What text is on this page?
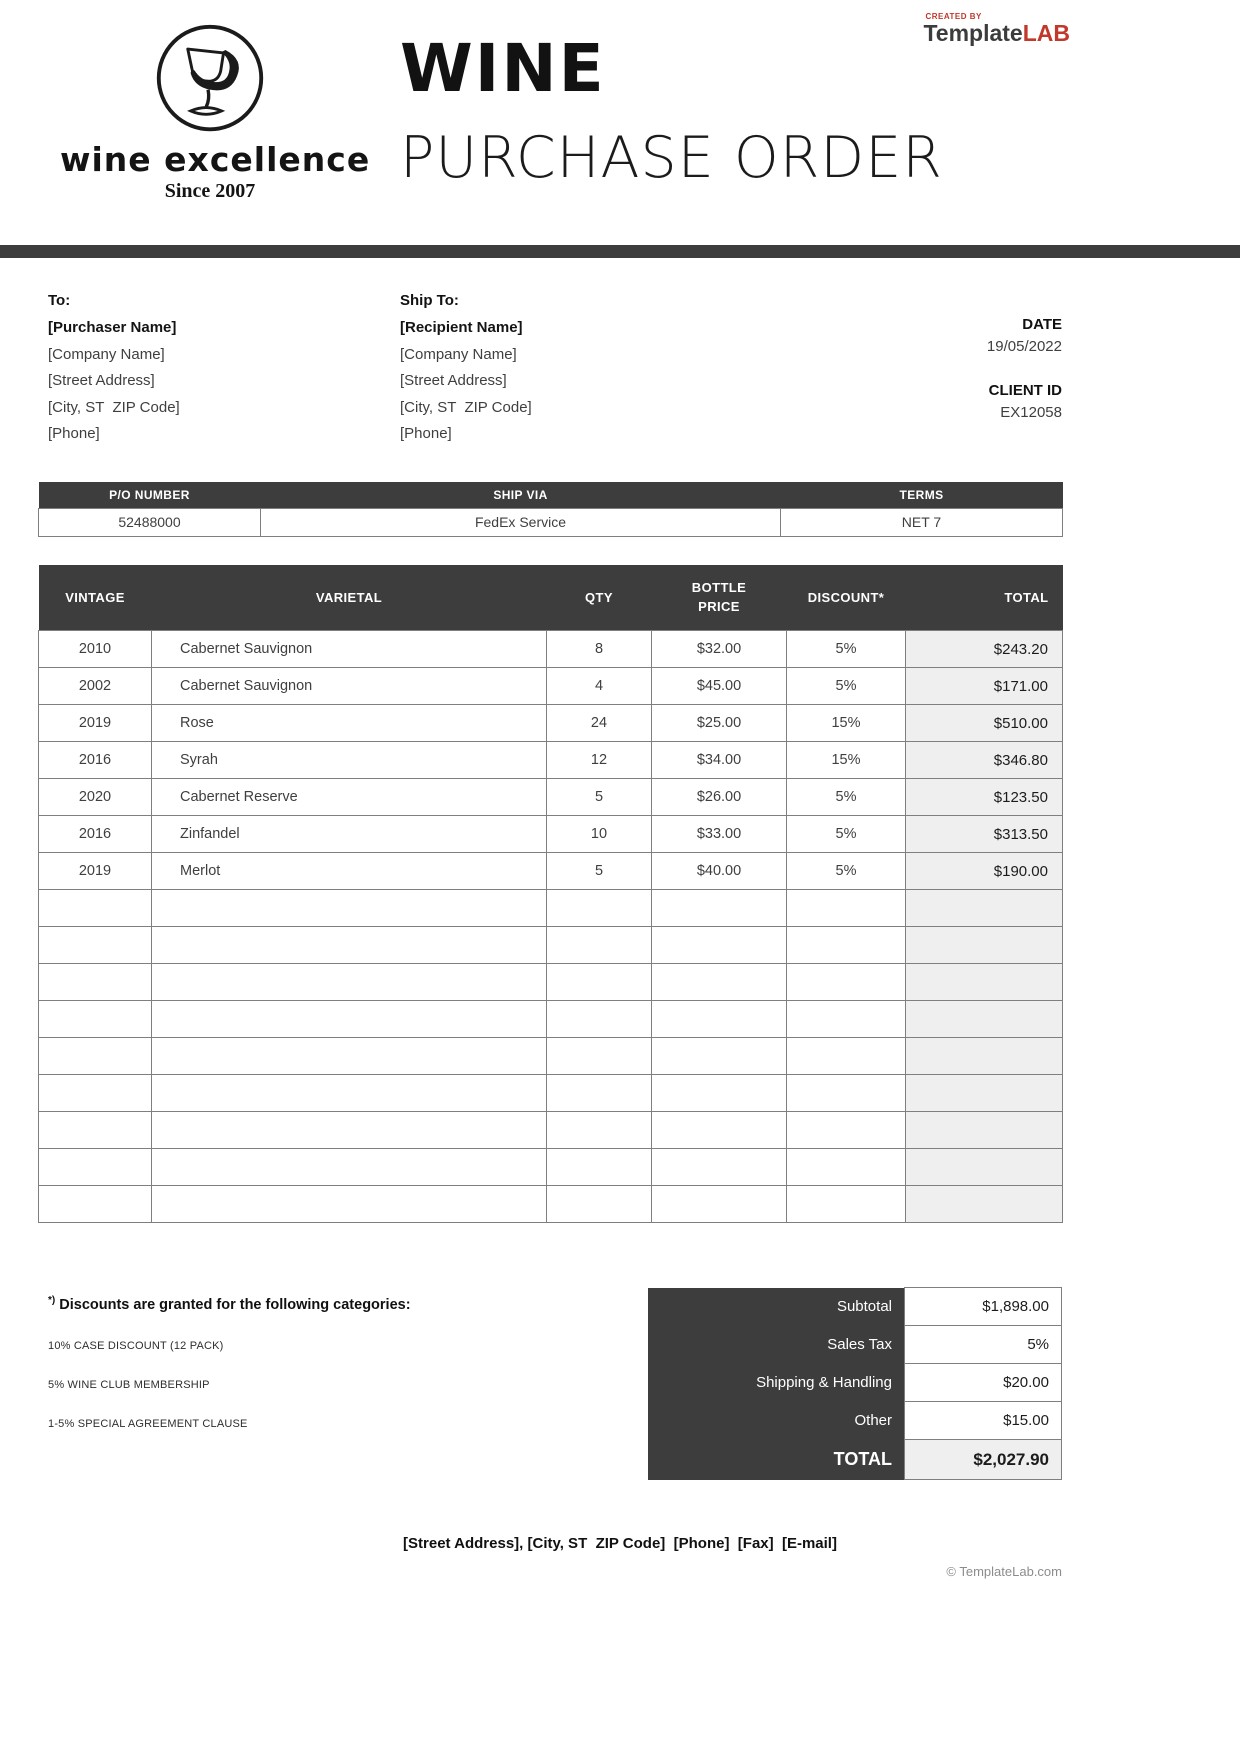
wine excellence
Since 2007
WINE
PURCHASE ORDER
CREATED BY
TemplateLAB
To:
[Purchaser Name]
[Company Name]
[Street Address]
[City, ST  ZIP Code]
[Phone]
Ship To:
[Recipient Name]
[Company Name]
[Street Address]
[City, ST  ZIP Code]
[Phone]
DATE
19/05/2022
CLIENT ID
EX12058
P/O NUMBER	SHIP VIA	TERMS
52488000	FedEx Service	NET 7
VINTAGE	VARIETAL	QTY	BOTTLE PRICE	DISCOUNT*	TOTAL
2010	Cabernet Sauvignon	8	$32.00	5%	$243.20
2002	Cabernet Sauvignon	4	$45.00	5%	$171.00
2019	Rose	24	$25.00	15%	$510.00
2016	Syrah	12	$34.00	15%	$346.80
2020	Cabernet Reserve	5	$26.00	5%	$123.50
2016	Zinfandel	10	$33.00	5%	$313.50
2019	Merlot	5	$40.00	5%	$190.00

*) Discounts are granted for the following categories:
10% CASE DISCOUNT (12 PACK)
5% WINE CLUB MEMBERSHIP
1-5% SPECIAL AGREEMENT CLAUSE
Subtotal	$1,898.00
Sales Tax	5%
Shipping & Handling	$20.00
Other	$15.00
TOTAL	$2,027.90
[Street Address], [City, ST  ZIP Code]  [Phone]  [Fax]  [E-mail]
© TemplateLab.com
